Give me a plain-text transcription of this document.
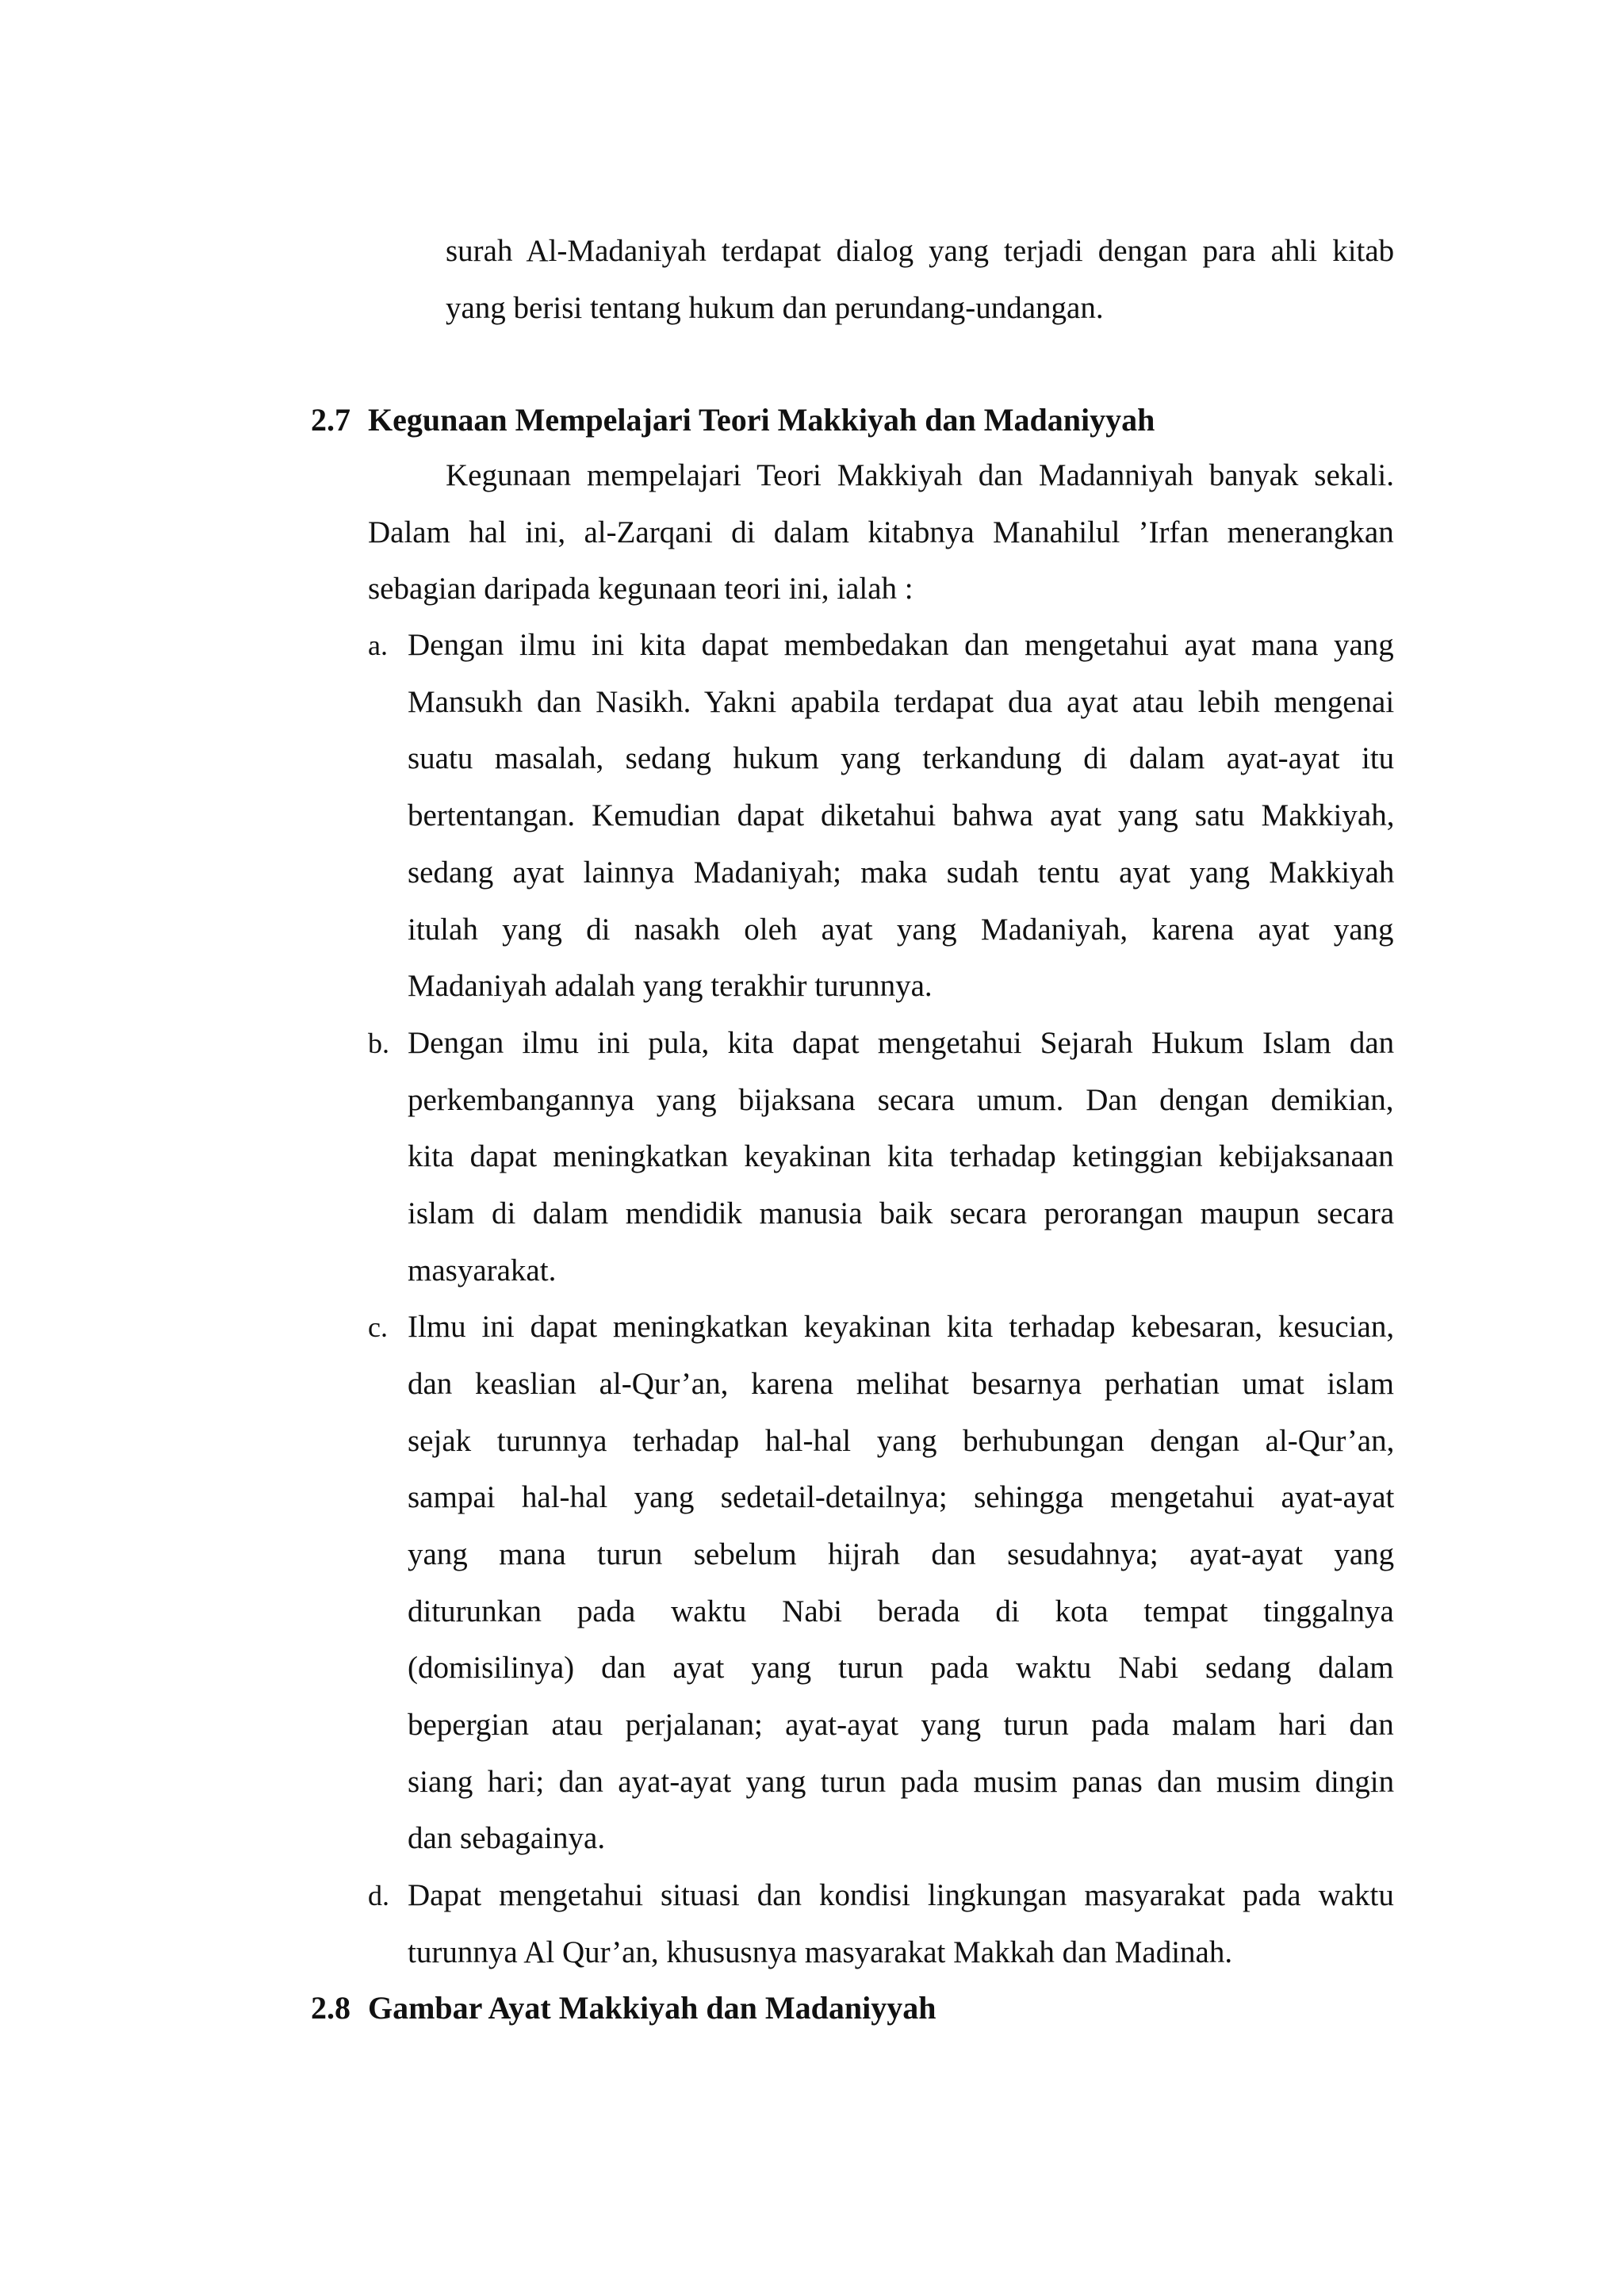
surah Al-Madaniyah terdapat dialog yang terjadi dengan para ahli kitab
yang berisi tentang hukum dan perundang-undangan.
2.7 Kegunaan Mempelajari Teori Makkiyah dan Madaniyyah
Kegunaan mempelajari Teori Makkiyah dan Madanniyah banyak sekali.
Dalam hal ini, al-Zarqani di dalam kitabnya Manahilul ’Irfan menerangkan
sebagian daripada kegunaan teori ini, ialah :
a. Dengan ilmu ini kita dapat membedakan dan mengetahui ayat mana yang
Mansukh dan Nasikh. Yakni apabila terdapat dua ayat atau lebih mengenai
suatu masalah, sedang hukum yang terkandung di dalam ayat-ayat itu
bertentangan. Kemudian dapat diketahui bahwa ayat yang satu Makkiyah,
sedang ayat lainnya Madaniyah; maka sudah tentu ayat yang Makkiyah
itulah yang di nasakh oleh ayat yang Madaniyah, karena ayat yang
Madaniyah adalah yang terakhir turunnya.
b. Dengan ilmu ini pula, kita dapat mengetahui Sejarah Hukum Islam dan
perkembangannya yang bijaksana secara umum. Dan dengan demikian,
kita dapat meningkatkan keyakinan kita terhadap ketinggian kebijaksanaan
islam di dalam mendidik manusia baik secara perorangan maupun secara
masyarakat.
c. Ilmu ini dapat meningkatkan keyakinan kita terhadap kebesaran, kesucian,
dan keaslian al-Qur’an, karena melihat besarnya perhatian umat islam
sejak turunnya terhadap hal-hal yang berhubungan dengan al-Qur’an,
sampai hal-hal yang sedetail-detailnya; sehingga mengetahui ayat-ayat
yang mana turun sebelum hijrah dan sesudahnya; ayat-ayat yang
diturunkan pada waktu Nabi berada di kota tempat tinggalnya
(domisilinya) dan ayat yang turun pada waktu Nabi sedang dalam
bepergian atau perjalanan; ayat-ayat yang turun pada malam hari dan
siang hari; dan ayat-ayat yang turun pada musim panas dan musim dingin
dan sebagainya.
d. Dapat mengetahui situasi dan kondisi lingkungan masyarakat pada waktu
turunnya Al Qur’an, khususnya masyarakat Makkah dan Madinah.
2.8 Gambar Ayat Makkiyah dan Madaniyyah
